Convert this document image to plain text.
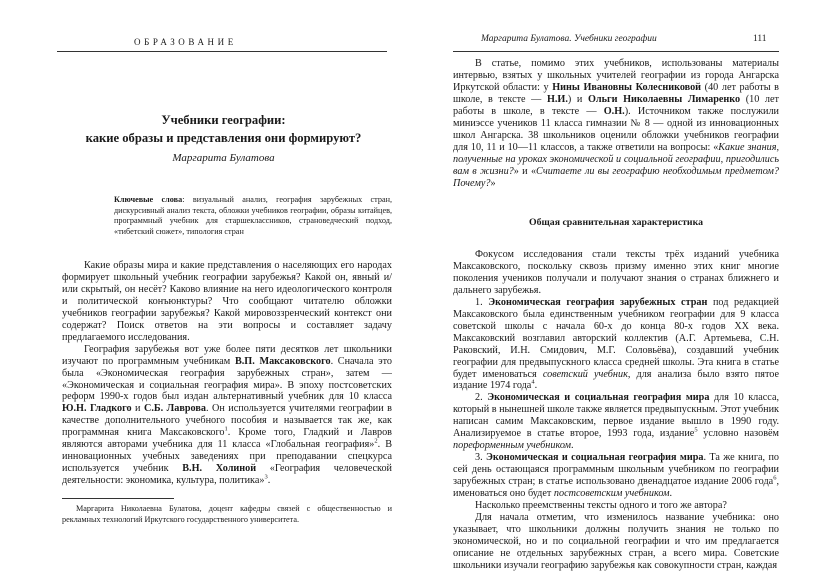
ОБРАЗОВАНИЕ
Учебники географии:
какие образы и представления они формируют?
Маргарита Булатова
Ключевые слова: визуальный анализ, география зарубежных стран, дискурсивный анализ текста, обложки учебников географии, образы китайцев, программный учебник для старшеклассников, страноведческий подход, «тибетский сюжет», типология стран

Какие образы мира и какие представления о населяющих его народах формирует школьный учебник географии зарубежья? Какой он, явный и/или скрытый, он несёт? Каково влияние на него идеологического контроля и политической конъюнктуры? Что сообщают читателю обложки учебников географии зарубежья? Какой мировоззренческий контекст они содержат? Поиск ответов на эти вопросы и составляет задачу предлагаемого исследования.

География зарубежья вот уже более пяти десятков лет школьники изучают по программным учебникам В.П. Максаковского. Сначала это была «Экономическая география зарубежных стран», затем — «Экономическая и социальная география мира». В эпоху постсоветских реформ 1990-х годов был издан альтернативный учебник для 10 класса Ю.Н. Гладкого и С.Б. Лаврова. Он используется учителями географии в качестве дополнительного учебного пособия и называется так же, как программная книга Максаковского$^1$. Кроме того, Гладкий и Лавров являются авторами учебника для 11 класса «Глобальная география»$^2$. В инновационных учебных заведениях при преподавании спецкурса используется учебник В.Н. Холиной «География человеческой деятельности: экономика, культура, политика»$^3$.

Маргарита Николаевна Булатова, доцент кафедры связей с общественностью и рекламных технологий Иркутского государственного университета.
Маргарита Булатова. Учебники географии	111

В статье, помимо этих учебников, использованы материалы интервью, взятых у школьных учителей географии из города Ангарска Иркутской области: у Нины Ивановны Колесниковой (40 лет работы в школе, в тексте — Н.И.) и Ольги Николаевны Лимаренко (10 лет работы в школе, в тексте — О.Н.). Источником также послужили миниэссе учеников 11 класса гимназии № 8 — одной из инновационных школ Ангарска. 38 школьников оценили обложки учебников географии для 10, 11 и 10—11 классов, а также ответили на вопросы: «Какие знания, полученные на уроках экономической и социальной географии, пригодились вам в жизни?» и «Считаете ли вы географию необходимым предметом? Почему?»

Общая сравнительная характеристика

Фокусом исследования стали тексты трёх изданий учебника Максаковского, поскольку сквозь призму именно этих книг многие поколения учеников получали и получают знания о странах ближнего и дальнего зарубежья.

1. Экономическая география зарубежных стран под редакцией Максаковского была единственным учебником географии для 9 класса советской школы с начала 60-х до конца 80-х годов XX века. Максаковский возглавил авторский коллектив (А.Г. Артемьева, С.Н. Раковский, И.Н. Смидович, М.Г. Соловьёва), создавший учебник географии для предвыпускного класса средней школы. Эта книга в статье будет именоваться советский учебник, для анализа было взято пятое издание 1974 года$^4$.

2. Экономическая и социальная география мира для 10 класса, который в нынешней школе также является предвыпускным. Этот учебник написан самим Максаковским, первое издание вышло в 1990 году. Анализируемое в статье второе, 1993 года, издание$^5$ условно назовём пореформенным учебником.

3. Экономическая и социальная география мира. Та же книга, по сей день остающаяся программным школьным учебником по географии зарубежных стран; в статье использовано двенадцатое издание 2006 года$^6$, именоваться оно будет постсоветским учебником.

Насколько преемственны тексты одного и того же автора?

Для начала отметим, что изменилось название учебника: оно указывает, что школьники должны получить знания не только по экономической, но и по социальной географии и что им предлагается описание не отдельных зарубежных стран, а всего мира. Советские школьники изучали географию зарубежья как совокупности стран, каждая
